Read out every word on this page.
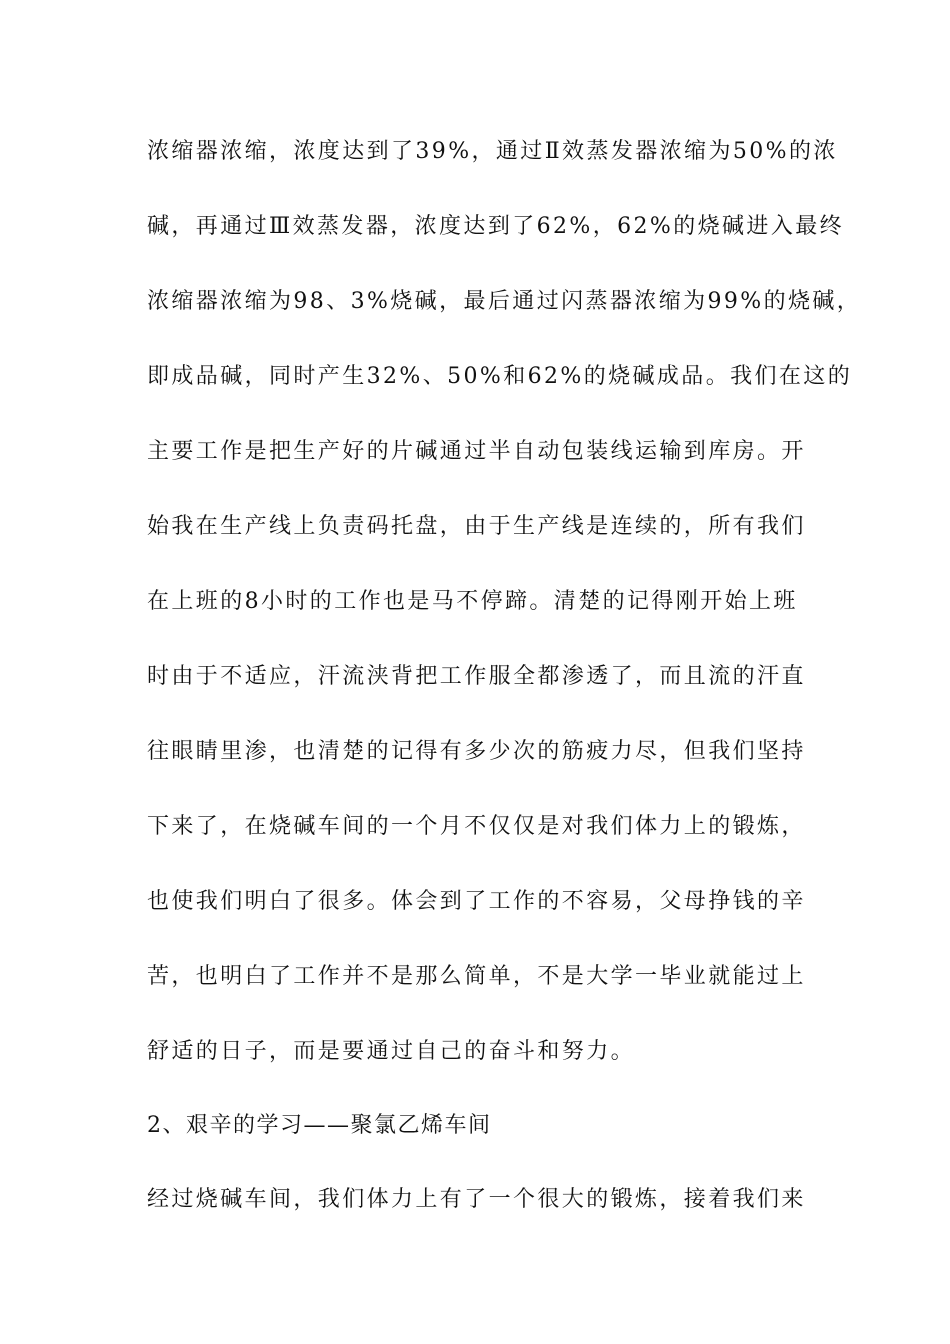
浓缩器浓缩，浓度达到了39%，通过Ⅱ效蒸发器浓缩为50%的浓
碱，再通过Ⅲ效蒸发器，浓度达到了62%，62%的烧碱进入最终
浓缩器浓缩为98、3%烧碱，最后通过闪蒸器浓缩为99%的烧碱，
即成品碱，同时产生32%、50%和62%的烧碱成品。我们在这的
主要工作是把生产好的片碱通过半自动包装线运输到库房。开
始我在生产线上负责码托盘，由于生产线是连续的，所有我们
在上班的8小时的工作也是马不停蹄。清楚的记得刚开始上班
时由于不适应，汗流浃背把工作服全都渗透了，而且流的汗直
往眼睛里渗，也清楚的记得有多少次的筋疲力尽，但我们坚持
下来了，在烧碱车间的一个月不仅仅是对我们体力上的锻炼，
也使我们明白了很多。体会到了工作的不容易，父母挣钱的辛
苦，也明白了工作并不是那么简单，不是大学一毕业就能过上
舒适的日子，而是要通过自己的奋斗和努力。
2、艰辛的学习——聚氯乙烯车间
经过烧碱车间，我们体力上有了一个很大的锻炼，接着我们来
